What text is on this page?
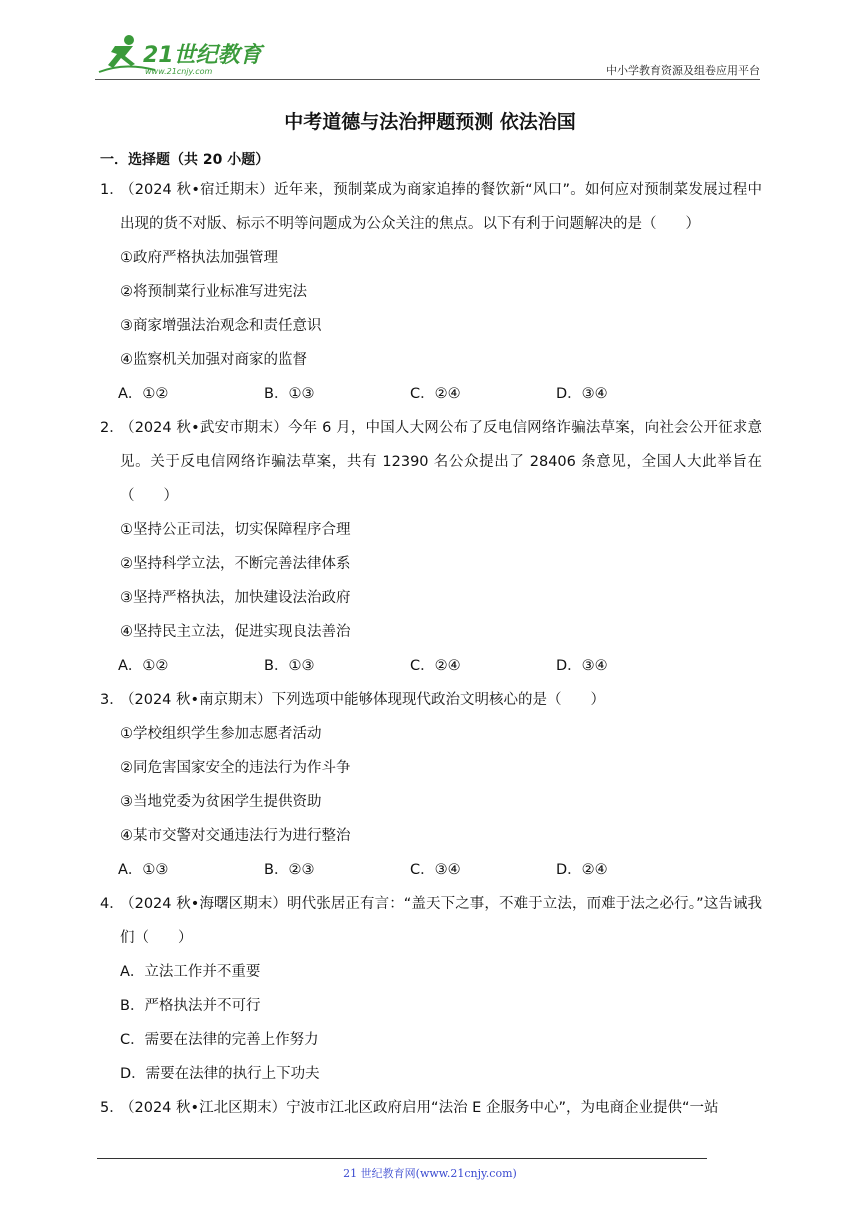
21世纪教育
www.21cnjy.com	中小学教育资源及组卷应用平台
中考道德与法治押题预测 依法治国
一．选择题（共 20 小题）
1．
（2024 秋•宿迁期末）近年来，预制菜成为商家追捧的餐饮新“风口”。如何应对预制菜发展过程中出现的货不对版、标示不明等问题成为公众关注的焦点。以下有利于问题解决的是（　　）
①政府严格执法加强管理
②将预制菜行业标准写进宪法
③商家增强法治观念和责任意识
④监察机关加强对商家的监督
A．①②	B．①③	C．②④	D．③④
2．
（2024 秋•武安市期末）今年 6 月，中国人大网公布了反电信网络诈骗法草案，向社会公开征求意见。关于反电信网络诈骗法草案，共有 12390 名公众提出了 28406 条意见，全国人大此举旨在（　　）
①坚持公正司法，切实保障程序合理
②坚持科学立法，不断完善法律体系
③坚持严格执法，加快建设法治政府
④坚持民主立法，促进实现良法善治
A．①②	B．①③	C．②④	D．③④
3．
（2024 秋•南京期末）下列选项中能够体现现代政治文明核心的是（　　）
①学校组织学生参加志愿者活动
②同危害国家安全的违法行为作斗争
③当地党委为贫困学生提供资助
④某市交警对交通违法行为进行整治
A．①③	B．②③	C．③④	D．②④
4．
（2024 秋•海曙区期末）明代张居正有言：“盖天下之事，不难于立法，而难于法之必行。”这告诫我们（　　）
A．立法工作并不重要
B．严格执法并不可行
C．需要在法律的完善上作努力
D．需要在法律的执行上下功夫
5．
（2024 秋•江北区期末）宁波市江北区政府启用“法治 E 企服务中心”，为电商企业提供“一站
21 世纪教育网(www.21cnjy.com)
